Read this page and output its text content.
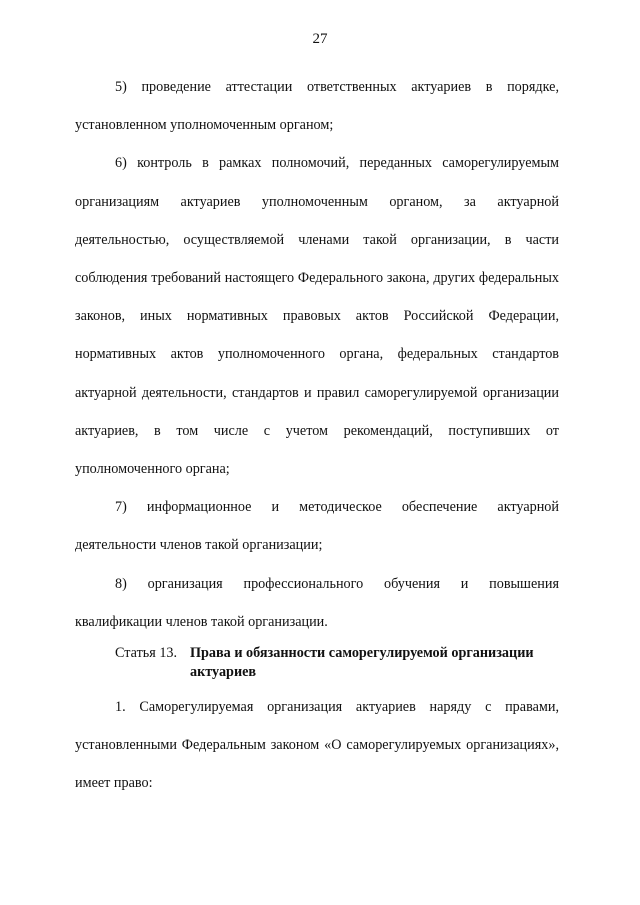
27

5) проведение аттестации ответственных актуариев в порядке, установленном уполномоченным органом;

6) контроль в рамках полномочий, переданных саморегулируемым организациям актуариев уполномоченным органом, за актуарной деятельностью, осуществляемой членами такой организации, в части соблюдения требований настоящего Федерального закона, других федеральных законов, иных нормативных правовых актов Российской Федерации, нормативных актов уполномоченного органа, федеральных стандартов актуарной деятельности, стандартов и правил саморегулируемой организации актуариев, в том числе с учетом рекомендаций, поступивших от уполномоченного органа;

7) информационное и методическое обеспечение актуарной деятельности членов такой организации;

8) организация профессионального обучения и повышения квалификации членов такой организации.

Статья 13. Права и обязанности саморегулируемой организации актуариев

1. Саморегулируемая организация актуариев наряду с правами, установленными Федеральным законом «О саморегулируемых организациях», имеет право:
